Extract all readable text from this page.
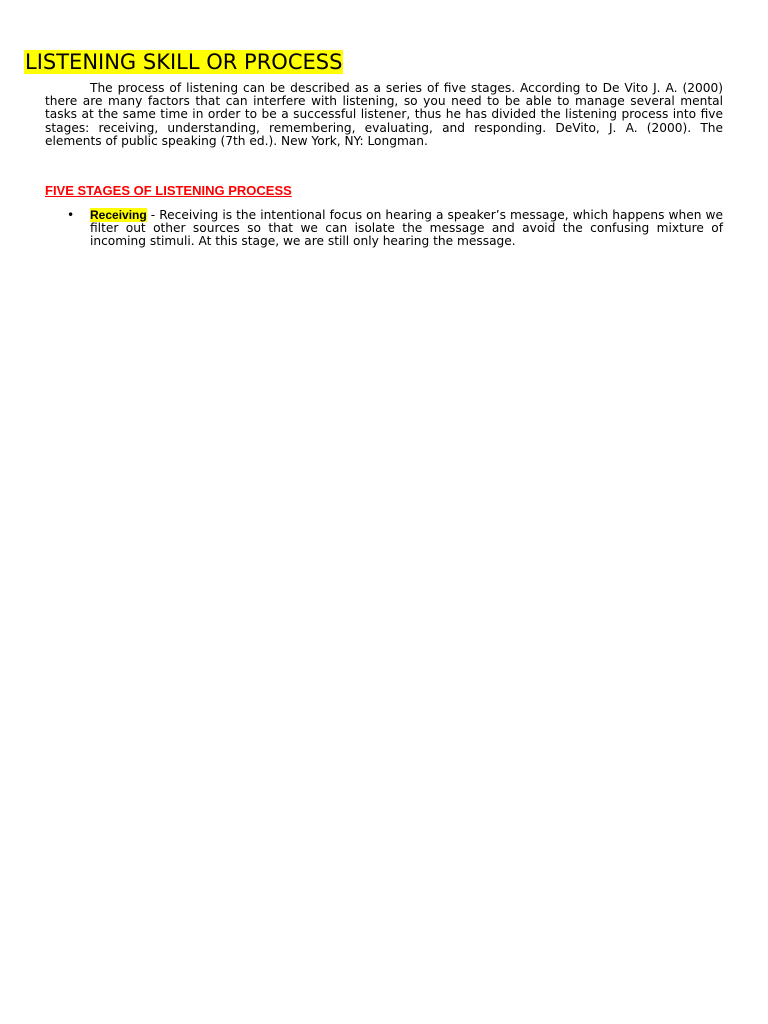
LISTENING SKILL OR PROCESS

The process of listening can be described as a series of five stages. According to De Vito J. A. (2000) there are many factors that can interfere with listening, so you need to be able to manage several mental tasks at the same time in order to be a successful listener, thus he has divided the listening process into five stages: receiving, understanding, remembering, evaluating, and responding. DeVito, J. A. (2000). The elements of public speaking (7th ed.). New York, NY: Longman.

FIVE STAGES OF LISTENING PROCESS
• Receiving - Receiving is the intentional focus on hearing a speaker’s message, which happens when we filter out other sources so that we can isolate the message and avoid the confusing mixture of incoming stimuli. At this stage, we are still only hearing the message.
